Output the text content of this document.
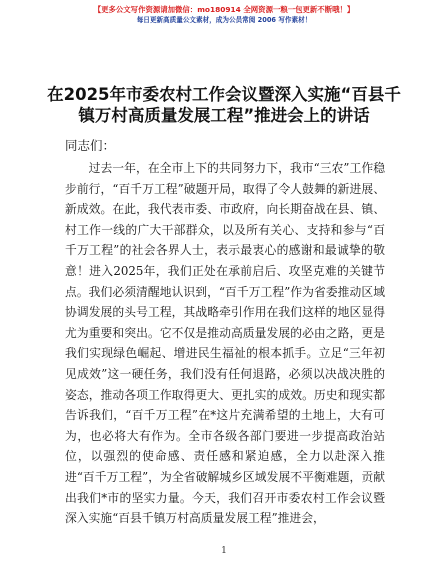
【更多公文写作资源请加微信：mo180914 全网资源一粮一包更新不断哦！】
每日更新高质量公文素材，成为公员常阅 2006 写作素材！
在2025年市委农村工作会议暨深入实施“百县千镇万村高质量发展工程”推进会上的讲话
同志们：

过去一年，在全市上下的共同努力下，我市“三农”工作稳步前行，“百千万工程”破题开局，取得了令人鼓舞的新进展、新成效。在此，我代表市委、市政府，向长期奋战在县、镇、村工作一线的广大干部群众，以及所有关心、支持和参与“百千万工程”的社会各界人士，表示最衷心的感谢和最诚挚的敬意！进入2025年，我们正处在承前启后、攻坚克难的关键节点。我们必须清醒地认识到，“百千万工程”作为省委推动区域协调发展的头号工程，其战略牵引作用在我们这样的地区显得尤为重要和突出。它不仅是推动高质量发展的必由之路，更是我们实现绿色崛起、增进民生福祉的根本抓手。立足“三年初见成效”这一硬任务，我们没有任何退路，必须以决战决胜的姿态，推动各项工作取得更大、更扎实的成效。历史和现实都告诉我们，“百千万工程”在*这片充满希望的土地上，大有可为，也必将大有作为。全市各级各部门要进一步提高政治站位，以强烈的使命感、责任感和紧迫感，全力以赴深入推进“百千万工程”，为全省破解城乡区域发展不平衡难题，贡献出我们*市的坚实力量。今天，我们召开市委农村工作会议暨深入实施“百县千镇万村高质量发展工程”推进会，

1
